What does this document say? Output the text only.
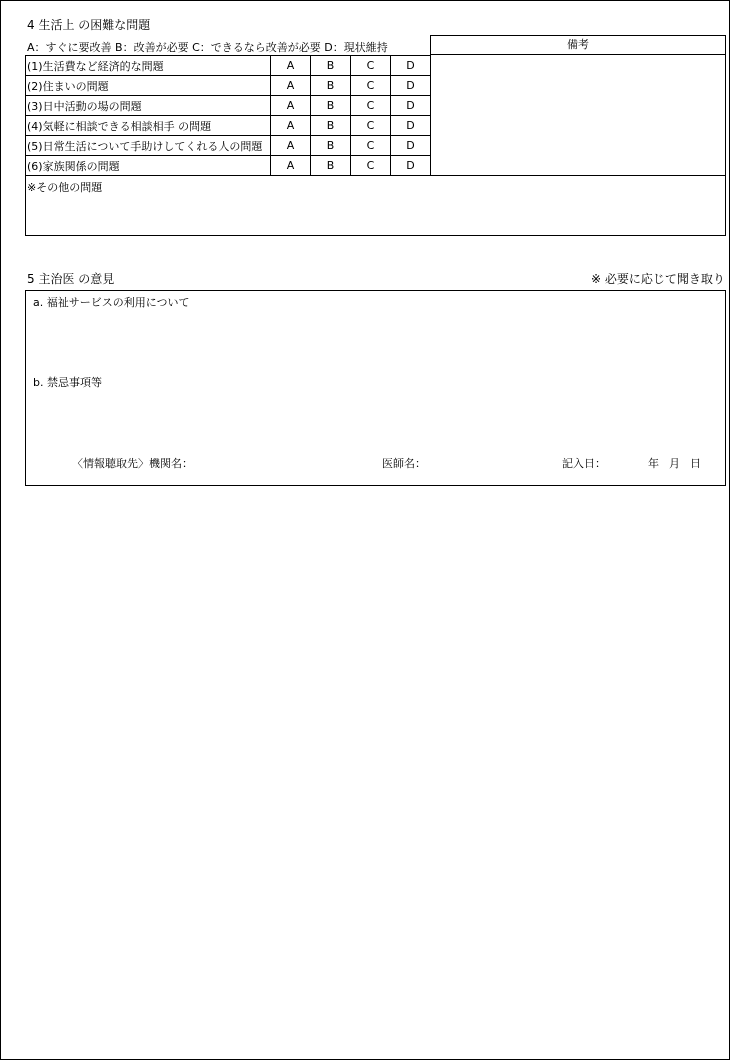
4 生活上 の困難な問題
A：すぐに要改善 B：改善が必要 C：できるなら改善が必要 D：現状維持	備考
(1)生活費など経済的な問題	A	B	C	D
(2)住まいの問題	A	B	C	D
(3)日中活動の場の問題	A	B	C	D
(4)気軽に相談できる相談相手 の問題	A	B	C	D
(5)日常生活について手助けしてくれる人の問題	A	B	C	D
(6)家族関係の問題	A	B	C	D
※その他の問題
5 主治医 の意見	※ 必要に応じて聞き取り
a. 福祉サービスの利用について
b. 禁忌事項等
〈情報聴取先〉機関名：	医師名：	記入日：	年 月 日
